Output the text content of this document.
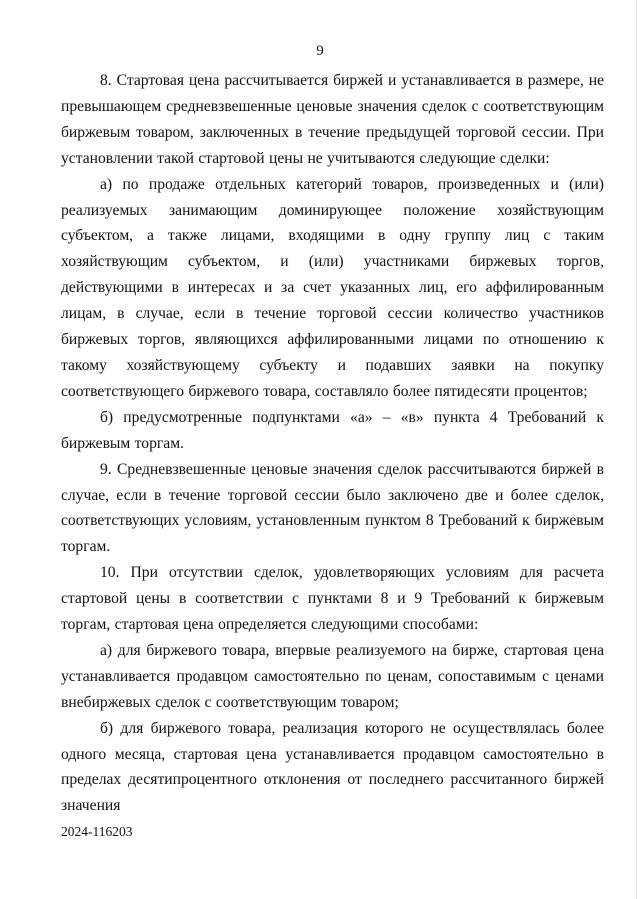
9

8. Стартовая цена рассчитывается биржей и устанавливается в размере, не превышающем средневзвешенные ценовые значения сделок с соответствующим биржевым товаром, заключенных в течение предыдущей торговой сессии. При установлении такой стартовой цены не учитываются следующие сделки:

а) по продаже отдельных категорий товаров, произведенных и (или) реализуемых занимающим доминирующее положение хозяйствующим субъектом, а также лицами, входящими в одну группу лиц с таким хозяйствующим субъектом, и (или) участниками биржевых торгов, действующими в интересах и за счет указанных лиц, его аффилированным лицам, в случае, если в течение торговой сессии количество участников биржевых торгов, являющихся аффилированными лицами по отношению к такому хозяйствующему субъекту и подавших заявки на покупку соответствующего биржевого товара, составляло более пятидесяти процентов;

б) предусмотренные подпунктами «а» – «в» пункта 4 Требований к биржевым торгам.

9. Средневзвешенные ценовые значения сделок рассчитываются биржей в случае, если в течение торговой сессии было заключено две и более сделок, соответствующих условиям, установленным пунктом 8 Требований к биржевым торгам.

10. При отсутствии сделок, удовлетворяющих условиям для расчета стартовой цены в соответствии с пунктами 8 и 9 Требований к биржевым торгам, стартовая цена определяется следующими способами:

а) для биржевого товара, впервые реализуемого на бирже, стартовая цена устанавливается продавцом самостоятельно по ценам, сопоставимым с ценами внебиржевых сделок с соответствующим товаром;

б) для биржевого товара, реализация которого не осуществлялась более одного месяца, стартовая цена устанавливается продавцом самостоятельно в пределах десятипроцентного отклонения от последнего рассчитанного биржей значения

2024-116203
